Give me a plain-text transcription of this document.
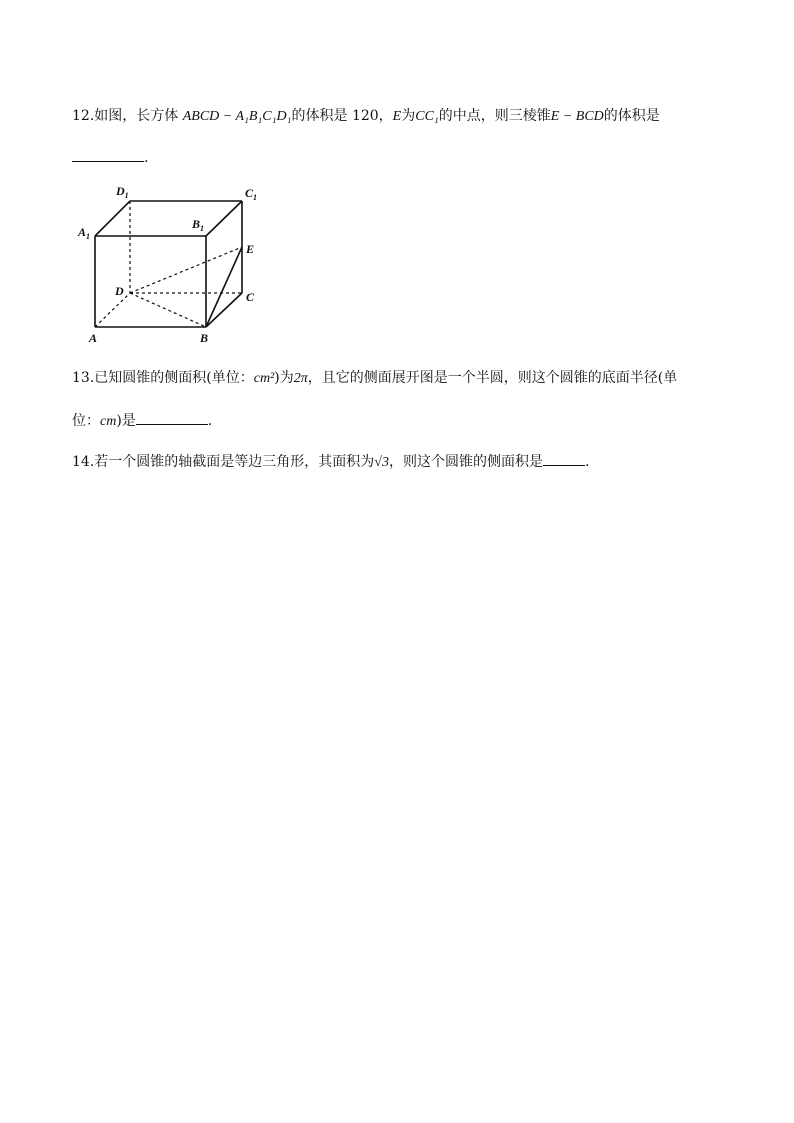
12.如图，长方体 ABCD − A₁B₁C₁D₁的体积是 120，E为CC₁的中点，则三棱锥E − BCD的体积是
.
$D_1$	$C_1$
$A_1$
$B_1$
E
D	C
A	B
13.已知圆锥的侧面积(单位：cm²)为2π，且它的侧面展开图是一个半圆，则这个圆锥的底面半径(单
位：cm)是	.
14.若一个圆锥的轴截面是等边三角形，其面积为√3，则这个圆锥的侧面积是	.
